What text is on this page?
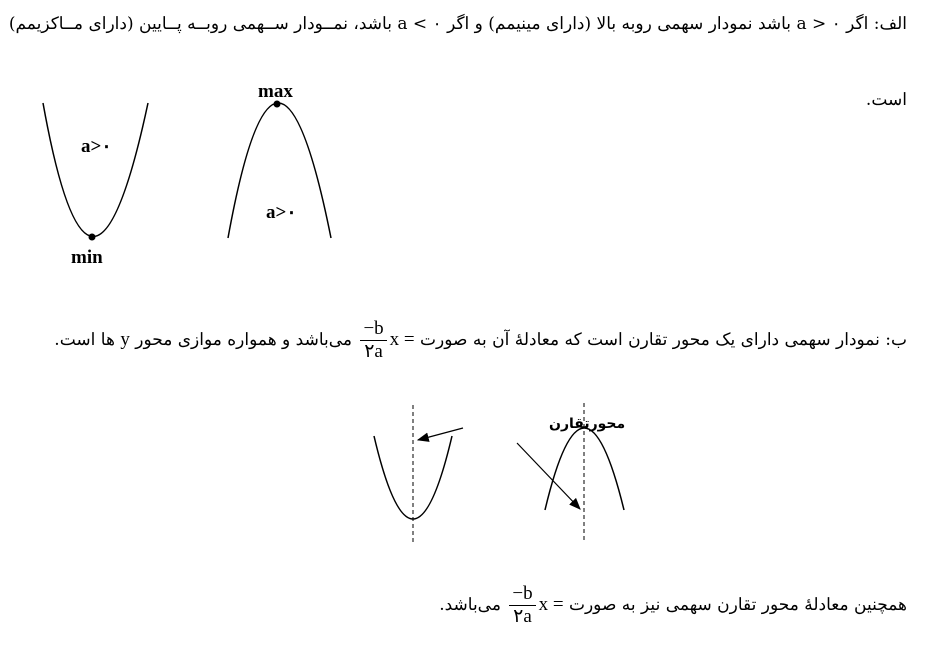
الف: اگر a > ۰ باشد نمودار سهمی روبه بالا (دارای مینیمم) و اگر a < ۰ باشد، نمــودار ســهمی روبــه پــایین (دارای مــاکزیمم)
است.
a>۰
min
max
a>۰
ب: نمودار سهمی دارای یک محور تقارن است که معادلهٔ آن به صورت x =
$\frac{-b}{۲a}$
می‌باشد و همواره موازی محور y ها است.
محورتقارن
همچنین معادلهٔ محور تقارن سهمی نیز به صورت x =
$\frac{-b}{۲a}$
می‌باشد.
